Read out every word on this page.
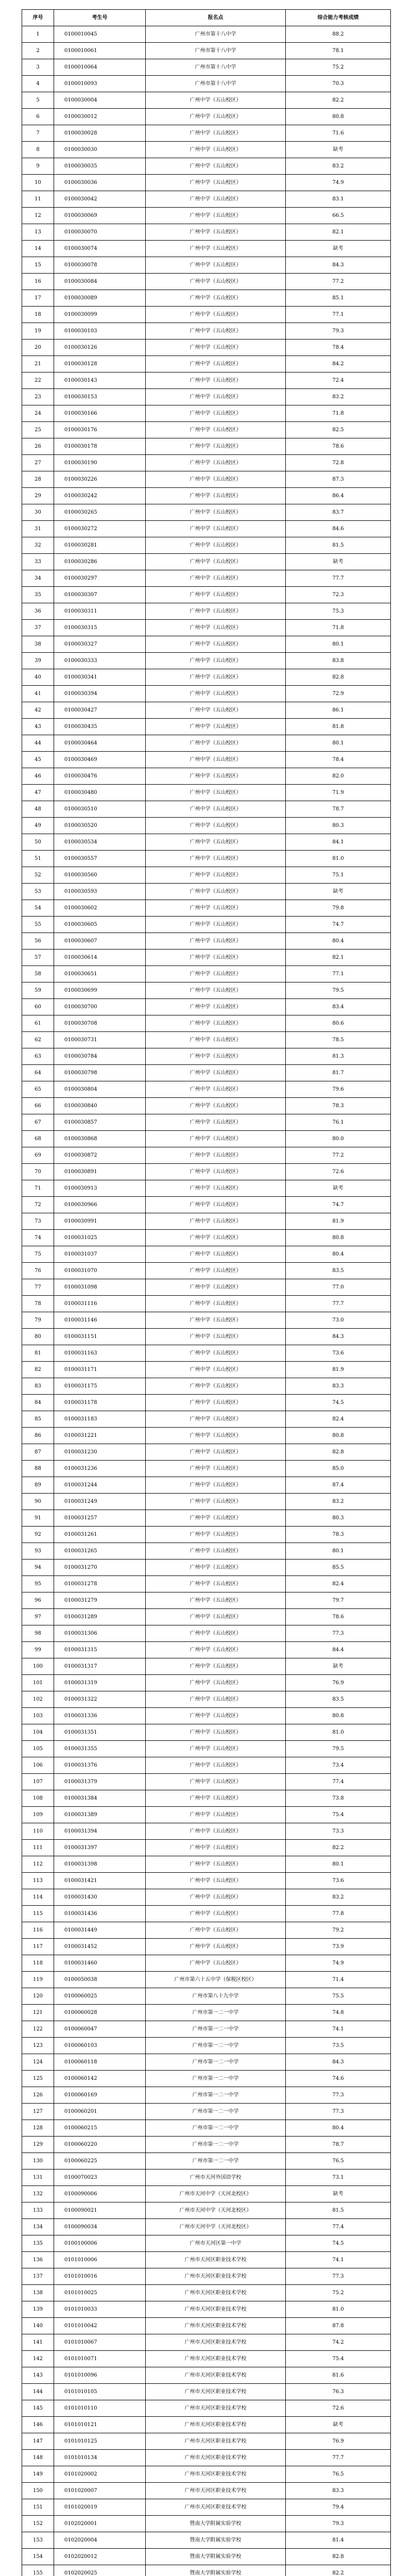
序号	考生号	报名点	综合能力考核成绩
1	0100010045	广州市第十八中学	88.2
2	0100010061	广州市第十八中学	78.1
3	0100010064	广州市第十八中学	75.2
4	0100010093	广州市第十八中学	70.3
5	0100030004	广州中学（五山校区）	82.2
6	0100030012	广州中学（五山校区）	80.8
7	0100030028	广州中学（五山校区）	71.6
8	0100030030	广州中学（五山校区）	缺考
9	0100030035	广州中学（五山校区）	83.2
10	0100030036	广州中学（五山校区）	74.9
11	0100030042	广州中学（五山校区）	83.1
12	0100030069	广州中学（五山校区）	66.5
13	0100030070	广州中学（五山校区）	82.1
14	0100030074	广州中学（五山校区）	缺考
15	0100030078	广州中学（五山校区）	84.3
16	0100030084	广州中学（五山校区）	77.2
17	0100030089	广州中学（五山校区）	85.1
18	0100030099	广州中学（五山校区）	77.1
19	0100030103	广州中学（五山校区）	79.3
20	0100030126	广州中学（五山校区）	78.4
21	0100030128	广州中学（五山校区）	84.2
22	0100030143	广州中学（五山校区）	72.4
23	0100030153	广州中学（五山校区）	83.2
24	0100030166	广州中学（五山校区）	71.8
25	0100030176	广州中学（五山校区）	82.5
26	0100030178	广州中学（五山校区）	78.6
27	0100030190	广州中学（五山校区）	72.8
28	0100030226	广州中学（五山校区）	87.3
29	0100030242	广州中学（五山校区）	86.4
30	0100030265	广州中学（五山校区）	83.7
31	0100030272	广州中学（五山校区）	84.6
32	0100030281	广州中学（五山校区）	81.5
33	0100030286	广州中学（五山校区）	缺考
34	0100030297	广州中学（五山校区）	77.7
35	0100030307	广州中学（五山校区）	72.3
36	0100030311	广州中学（五山校区）	75.3
37	0100030315	广州中学（五山校区）	71.8
38	0100030327	广州中学（五山校区）	80.1
39	0100030333	广州中学（五山校区）	83.8
40	0100030341	广州中学（五山校区）	82.8
41	0100030394	广州中学（五山校区）	72.9
42	0100030427	广州中学（五山校区）	86.1
43	0100030435	广州中学（五山校区）	81.8
44	0100030464	广州中学（五山校区）	80.1
45	0100030469	广州中学（五山校区）	78.4
46	0100030476	广州中学（五山校区）	82.0
47	0100030480	广州中学（五山校区）	71.9
48	0100030510	广州中学（五山校区）	78.7
49	0100030520	广州中学（五山校区）	80.3
50	0100030534	广州中学（五山校区）	84.1
51	0100030557	广州中学（五山校区）	81.0
52	0100030560	广州中学（五山校区）	75.1
53	0100030593	广州中学（五山校区）	缺考
54	0100030602	广州中学（五山校区）	79.8
55	0100030605	广州中学（五山校区）	74.7
56	0100030607	广州中学（五山校区）	80.4
57	0100030614	广州中学（五山校区）	82.1
58	0100030651	广州中学（五山校区）	77.1
59	0100030699	广州中学（五山校区）	79.5
60	0100030700	广州中学（五山校区）	83.4
61	0100030708	广州中学（五山校区）	80.6
62	0100030731	广州中学（五山校区）	78.5
63	0100030784	广州中学（五山校区）	81.3
64	0100030798	广州中学（五山校区）	81.7
65	0100030804	广州中学（五山校区）	79.6
66	0100030840	广州中学（五山校区）	78.3
67	0100030857	广州中学（五山校区）	76.1
68	0100030868	广州中学（五山校区）	80.0
69	0100030872	广州中学（五山校区）	77.2
70	0100030891	广州中学（五山校区）	72.6
71	0100030913	广州中学（五山校区）	缺考
72	0100030966	广州中学（五山校区）	74.7
73	0100030991	广州中学（五山校区）	81.9
74	0100031025	广州中学（五山校区）	80.8
75	0100031037	广州中学（五山校区）	80.4
76	0100031070	广州中学（五山校区）	83.5
77	0100031098	广州中学（五山校区）	77.0
78	0100031116	广州中学（五山校区）	77.7
79	0100031146	广州中学（五山校区）	73.0
80	0100031151	广州中学（五山校区）	84.3
81	0100031163	广州中学（五山校区）	73.6
82	0100031171	广州中学（五山校区）	81.9
83	0100031175	广州中学（五山校区）	83.3
84	0100031178	广州中学（五山校区）	74.5
85	0100031183	广州中学（五山校区）	82.4
86	0100031221	广州中学（五山校区）	80.8
87	0100031230	广州中学（五山校区）	82.8
88	0100031236	广州中学（五山校区）	85.0
89	0100031244	广州中学（五山校区）	87.4
90	0100031249	广州中学（五山校区）	83.2
91	0100031257	广州中学（五山校区）	80.3
92	0100031261	广州中学（五山校区）	78.3
93	0100031265	广州中学（五山校区）	80.1
94	0100031270	广州中学（五山校区）	85.5
95	0100031278	广州中学（五山校区）	82.4
96	0100031279	广州中学（五山校区）	79.7
97	0100031289	广州中学（五山校区）	78.6
98	0100031306	广州中学（五山校区）	77.3
99	0100031315	广州中学（五山校区）	84.4
100	0100031317	广州中学（五山校区）	缺考
101	0100031319	广州中学（五山校区）	76.9
102	0100031322	广州中学（五山校区）	83.5
103	0100031336	广州中学（五山校区）	80.8
104	0100031351	广州中学（五山校区）	81.0
105	0100031355	广州中学（五山校区）	79.5
106	0100031376	广州中学（五山校区）	73.4
107	0100031379	广州中学（五山校区）	77.4
108	0100031384	广州中学（五山校区）	73.8
109	0100031389	广州中学（五山校区）	75.4
110	0100031394	广州中学（五山校区）	73.3
111	0100031397	广州中学（五山校区）	82.2
112	0100031398	广州中学（五山校区）	80.1
113	0100031421	广州中学（五山校区）	73.6
114	0100031430	广州中学（五山校区）	83.2
115	0100031436	广州中学（五山校区）	77.8
116	0100031449	广州中学（五山校区）	79.2
117	0100031452	广州中学（五山校区）	73.9
118	0100031460	广州中学（五山校区）	74.9
119	0100050038	广州市第六十五中学（保税区校区）	71.4
120	0100060025	广州市第八十九中学	75.5
121	0100060028	广州市第一二一中学	74.8
122	0100060047	广州市第一二一中学	74.1
123	0100060103	广州市第一二一中学	73.5
124	0100060118	广州市第一二一中学	84.3
125	0100060142	广州市第一二一中学	74.6
126	0100060169	广州市第一二一中学	77.3
127	0100060201	广州市第一二一中学	77.3
128	0100060215	广州市第一二一中学	80.4
129	0100060220	广州市第一二一中学	78.7
130	0100060225	广州市第一二一中学	76.5
131	0100070023	广州市天河外国语学校	73.1
132	0100090006	广州市天河中学（天河北校区）	缺考
133	0100090021	广州市天河中学（天河北校区）	81.5
134	0100090034	广州市天河中学（天河北校区）	77.4
135	0100100006	广州市天河区第一中学	74.5
136	0101010006	广州市天河区职业技术学校	74.1
137	0101010016	广州市天河区职业技术学校	77.3
138	0101010025	广州市天河区职业技术学校	75.2
139	0101010033	广州市天河区职业技术学校	81.0
140	0101010042	广州市天河区职业技术学校	87.8
141	0101010067	广州市天河区职业技术学校	74.2
142	0101010071	广州市天河区职业技术学校	75.4
143	0101010096	广州市天河区职业技术学校	81.6
144	0101010105	广州市天河区职业技术学校	76.3
145	0101010110	广州市天河区职业技术学校	72.6
146	0101010121	广州市天河区职业技术学校	缺考
147	0101010125	广州市天河区职业技术学校	76.9
148	0101010134	广州市天河区职业技术学校	77.7
149	0101020002	广州市天河区职业技术学校	76.5
150	0101020007	广州市天河区职业技术学校	83.3
151	0101020019	广州市天河区职业技术学校	79.4
152	0102020001	暨南大学附属实验学校	79.3
153	0102020004	暨南大学附属实验学校	81.4
154	0102020012	暨南大学附属实验学校	82.8
155	0102020025	暨南大学附属实验学校	82.2
